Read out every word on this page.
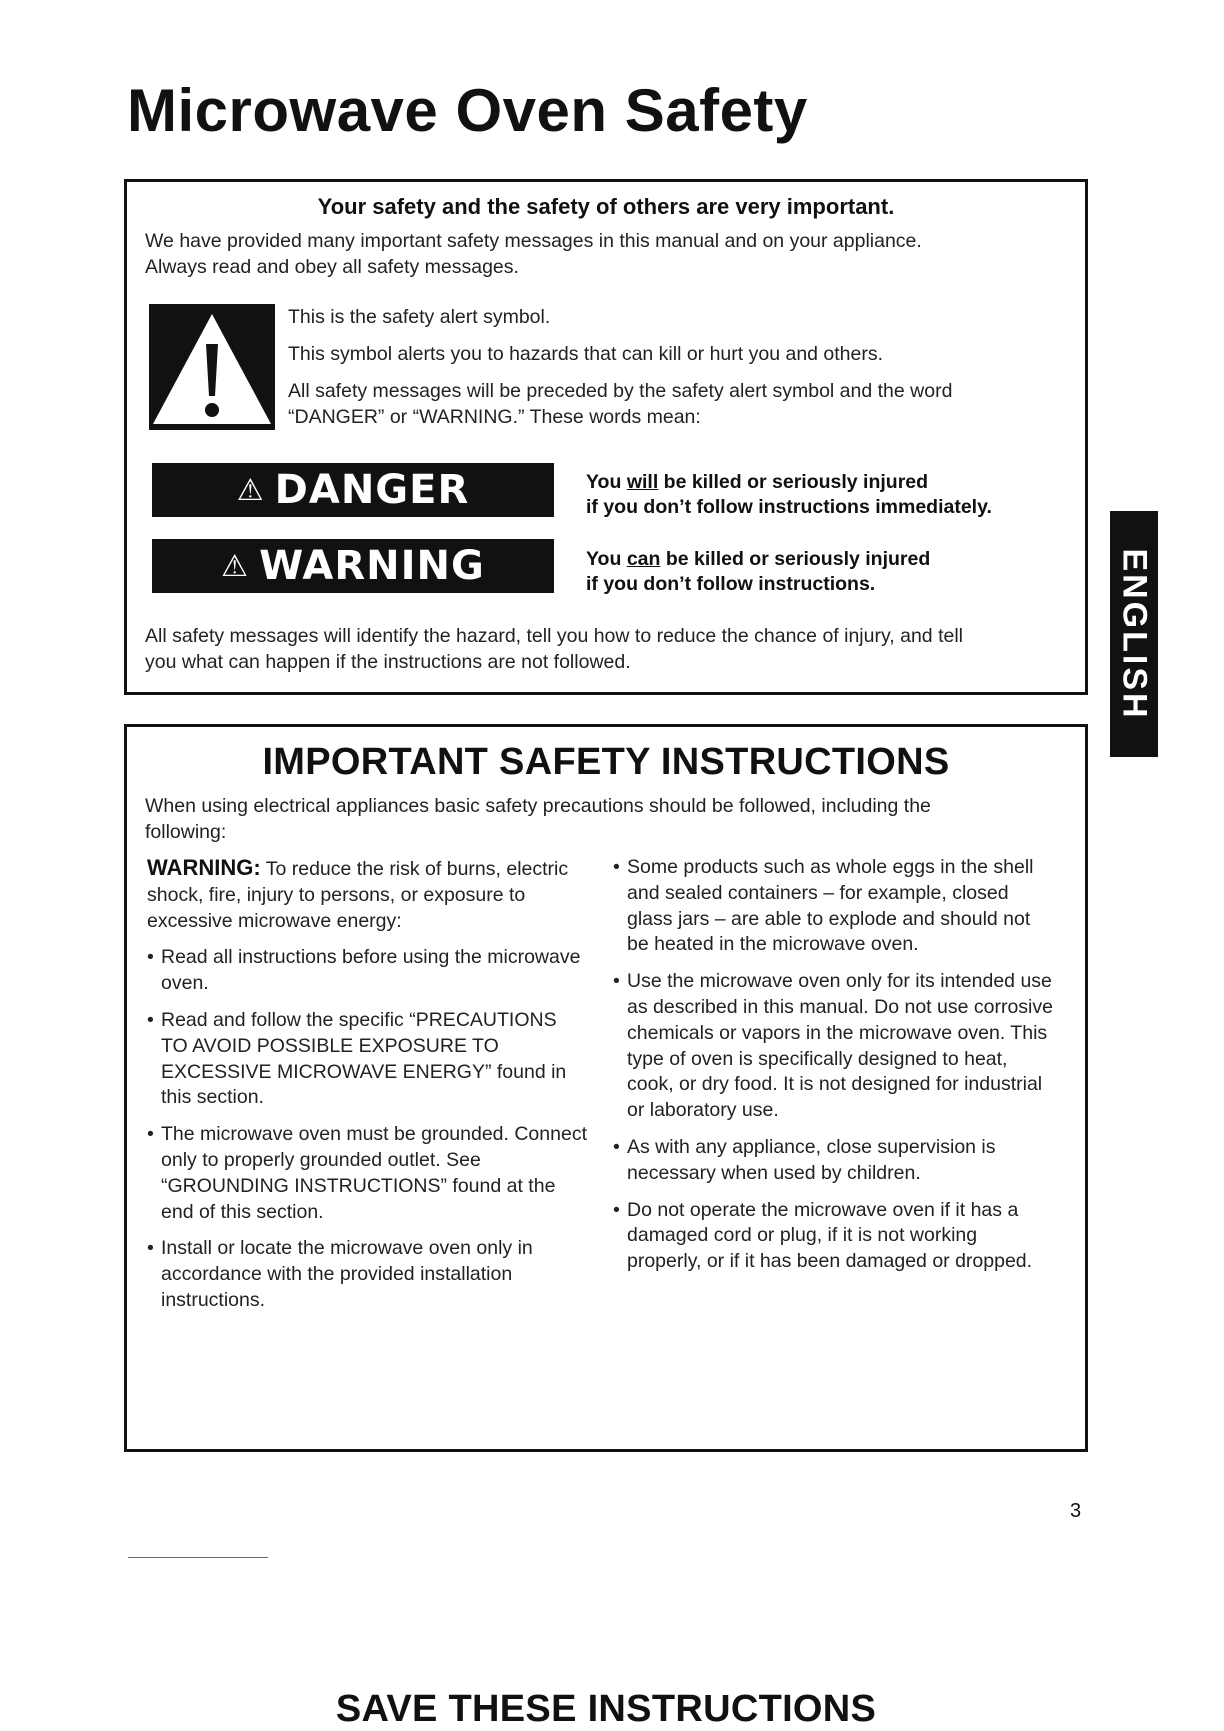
Microwave Oven Safety
Your safety and the safety of others are very important.
We have provided many important safety messages in this manual and on your appliance.
Always read and obey all safety messages.
This is the safety alert symbol.
This symbol alerts you to hazards that can kill or hurt you and others.
All safety messages will be preceded by the safety alert symbol and the word
“DANGER” or “WARNING.” These words mean:
⚠ DANGER	You will be killed or seriously injured
if you don’t follow instructions immediately.
⚠ WARNING	You can be killed or seriously injured
if you don’t follow instructions.
All safety messages will identify the hazard, tell you how to reduce the chance of injury, and tell
you what can happen if the instructions are not followed.
IMPORTANT SAFETY INSTRUCTIONS
When using electrical appliances basic safety precautions should be followed, including the
following:
WARNING: To reduce the risk of burns, electric shock, fire, injury to persons, or exposure to excessive microwave energy:
• Read all instructions before using the microwave oven.
• Read and follow the specific “PRECAUTIONS TO AVOID POSSIBLE EXPOSURE TO EXCESSIVE MICROWAVE ENERGY” found in this section.
• The microwave oven must be grounded. Connect only to properly grounded outlet. See “GROUNDING INSTRUCTIONS” found at the end of this section.
• Install or locate the microwave oven only in accordance with the provided installation instructions.
• Some products such as whole eggs in the shell and sealed containers – for example, closed glass jars – are able to explode and should not be heated in the microwave oven.
• Use the microwave oven only for its intended use as described in this manual. Do not use corrosive chemicals or vapors in the microwave oven. This type of oven is specifically designed to heat, cook, or dry food. It is not designed for industrial or laboratory use.
• As with any appliance, close supervision is necessary when used by children.
• Do not operate the microwave oven if it has a damaged cord or plug, if it is not working properly, or if it has been damaged or dropped.
SAVE THESE INSTRUCTIONS
ENGLISH
3
